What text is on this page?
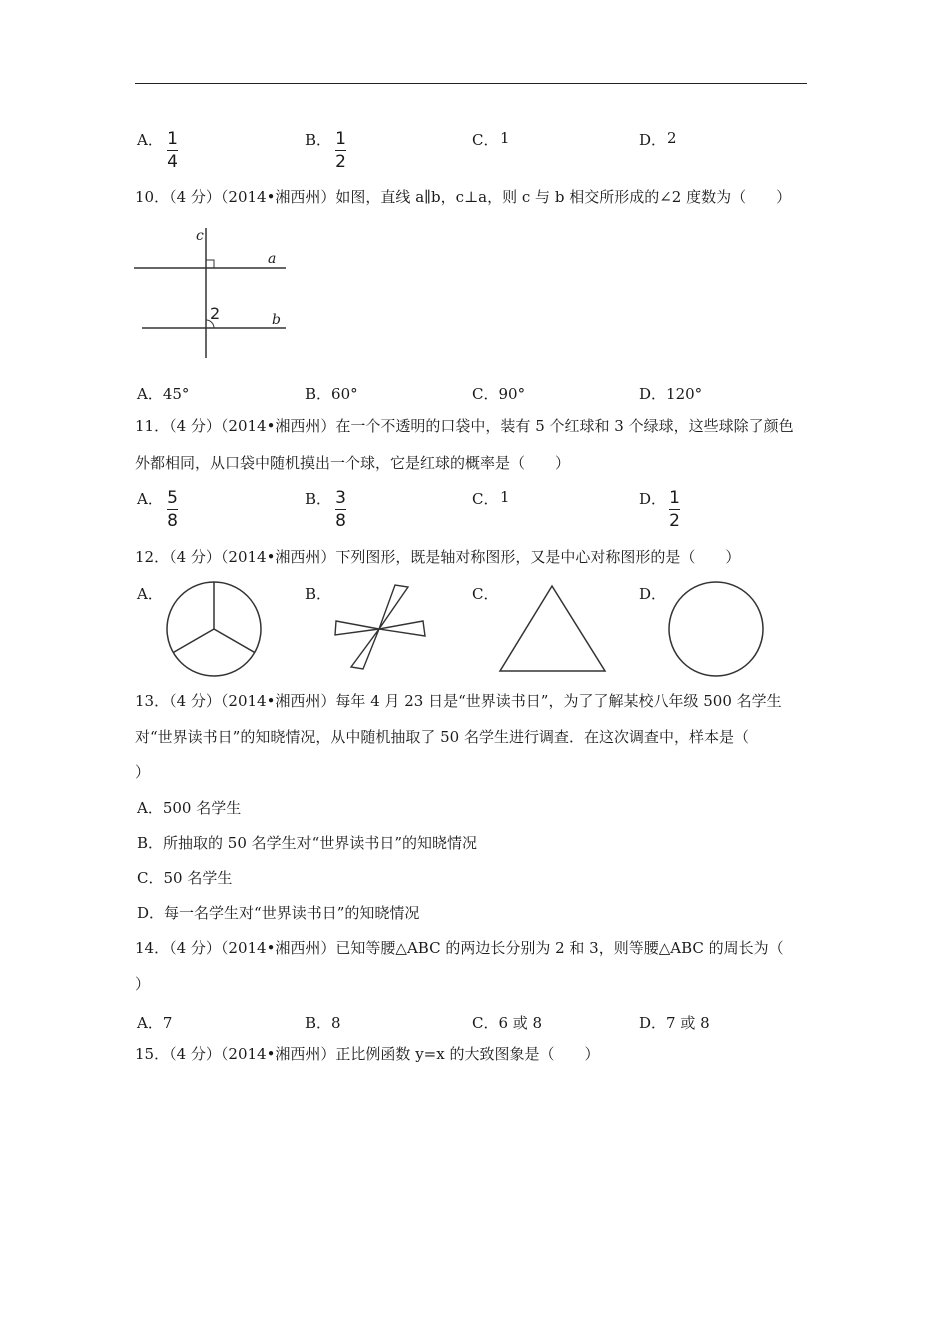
A． 1
4
B． 1
2
C． 1	D． 2
10．（4 分）（2014•湘西州）如图，直线 a∥b，c⊥a，则 c 与 b 相交所形成的∠2 度数为（　　）
c
a
b
2
A．45°	B．60°	C．90°	D．120°
11．（4 分）（2014•湘西州）在一个不透明的口袋中，装有 5 个红球和 3 个绿球，这些球除了颜色
外都相同，从口袋中随机摸出一个球，它是红球的概率是（　　）
A． 5
8
B． 3
8
C． 1	D． 1
2
12．（4 分）（2014•湘西州）下列图形，既是轴对称图形，又是中心对称图形的是（　　）
A．	B．	C．	D．
13．（4 分）（2014•湘西州）每年 4 月 23 日是“世界读书日”，为了了解某校八年级 500 名学生
对“世界读书日”的知晓情况，从中随机抽取了 50 名学生进行调查．在这次调查中，样本是（
）
A．500 名学生
B．所抽取的 50 名学生对“世界读书日”的知晓情况
C．50 名学生
D．每一名学生对“世界读书日”的知晓情况
14．（4 分）（2014•湘西州）已知等腰△ABC 的两边长分别为 2 和 3，则等腰△ABC 的周长为（
）
A．7	B．8	C．6 或 8	D．7 或 8
15．（4 分）（2014•湘西州）正比例函数 y=x 的大致图象是（　　）
